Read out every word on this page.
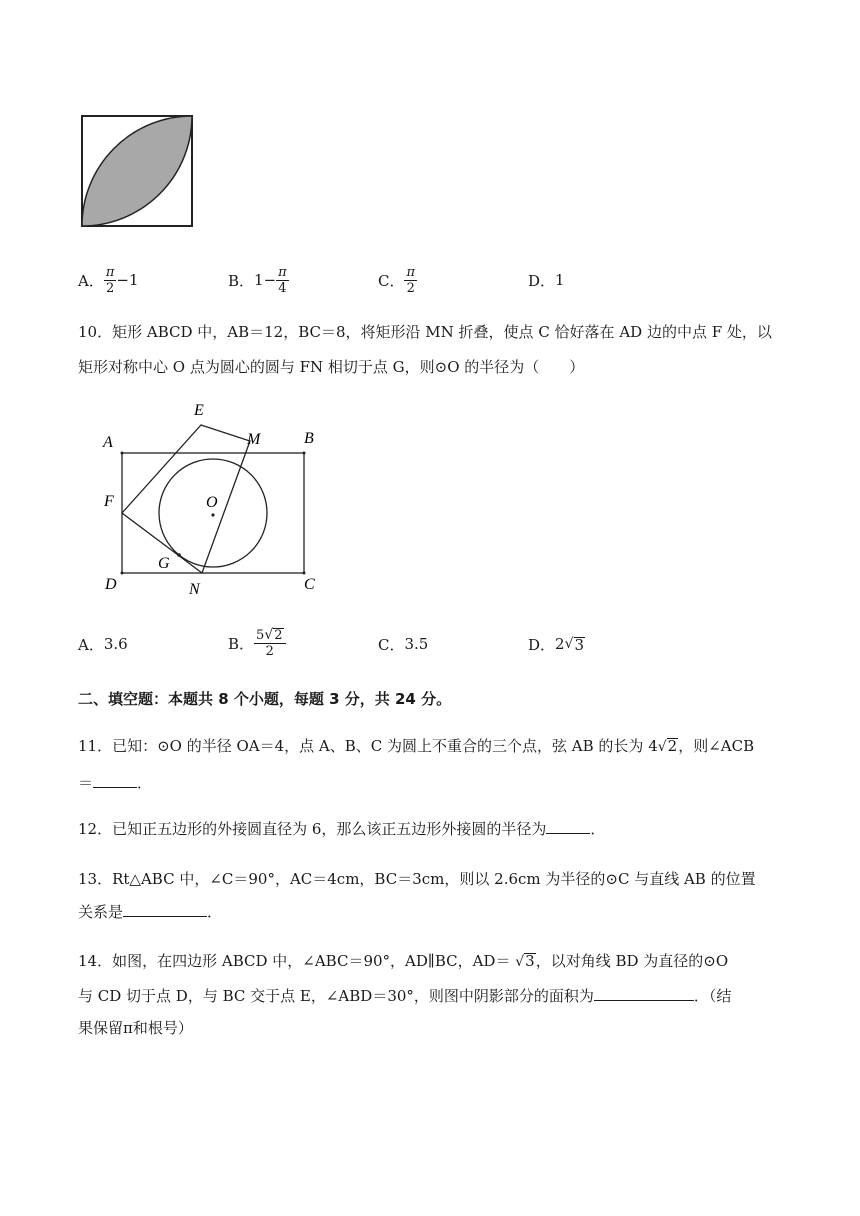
A． $\frac{\pi}{2} -1$	B． $1- \frac{\pi}{4}$	C． $\frac{\pi}{2}$	D． 1
10．矩形 ABCD 中，AB＝12，BC＝8，将矩形沿 MN 折叠，使点 C 恰好落在 AD 边的中点 F 处，以
矩形对称中心 O 点为圆心的圆与 FN 相切于点 G，则⊙O 的半径为（　　）
E
A	M	B
F	O
G
D	N	C
A． 3.6	B． $\frac{5√2}{2}$	C． 3.5	D． 2 √ 3
二、填空题：本题共 8 个小题，每题 3 分，共 24 分。
11．已知：⊙O 的半径 OA＝4，点 A、B、C 为圆上不重合的三个点，弦 AB 的长为 4√2，则∠ACB
＝	．
12．已知正五边形的外接圆直径为 6，那么该正五边形外接圆的半径为	．
13．Rt△ABC 中，∠C＝90°，AC＝4cm，BC＝3cm，则以 2.6cm 为半径的⊙C 与直线 AB 的位置
关系是	．
14．如图，在四边形 ABCD 中，∠ABC＝90°，AD∥BC，AD＝ √3，以对角线 BD 为直径的⊙O
与 CD 切于点 D，与 BC 交于点 E，∠ABD＝30°，则图中阴影部分的面积为	．（结
果保留π和根号）
